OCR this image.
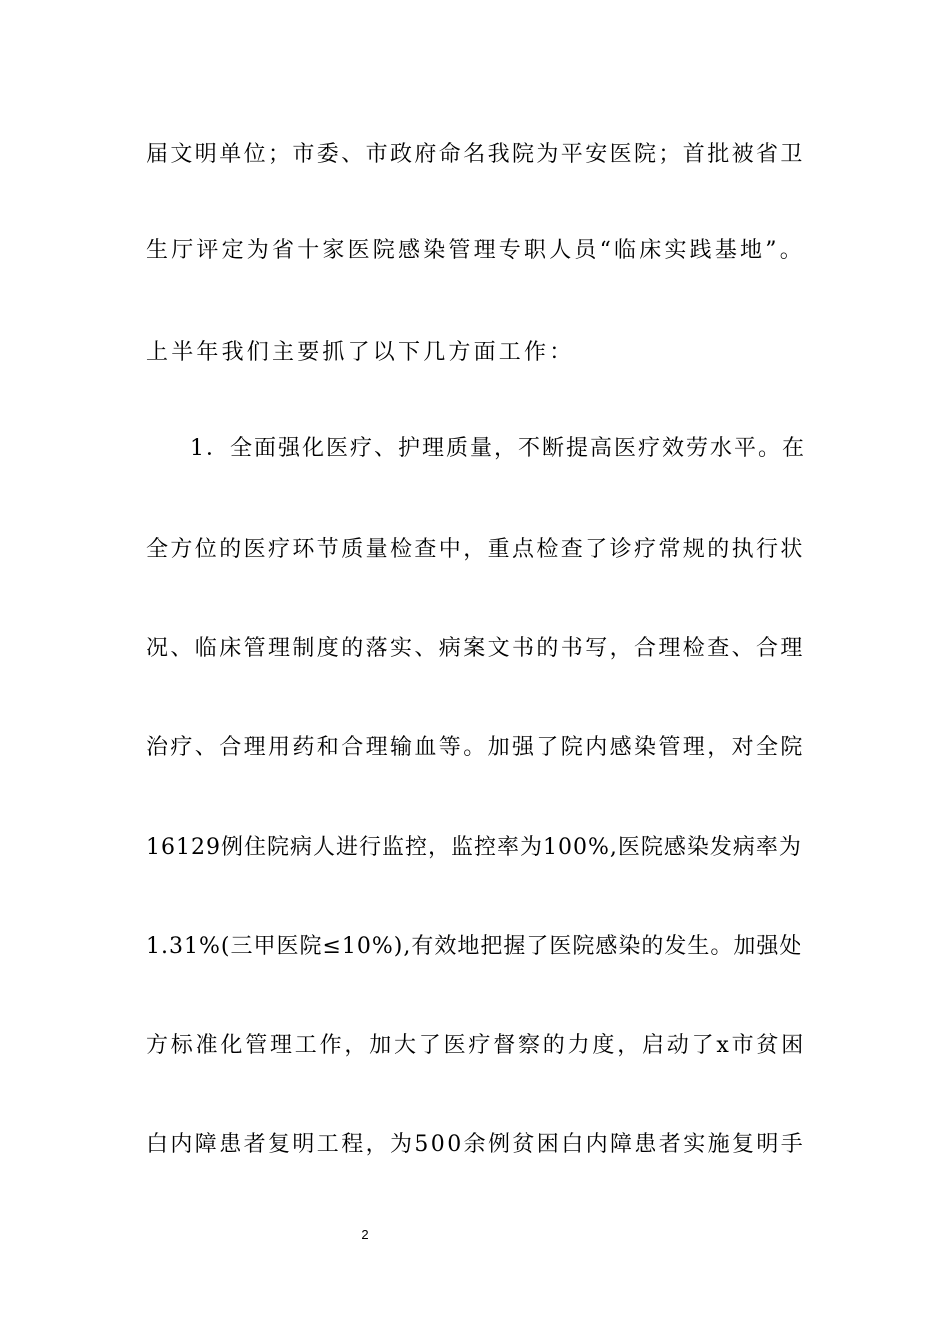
届文明单位；市委、市政府命名我院为平安医院；首批被省卫
生厅评定为省十家医院感染管理专职人员“临床实践基地”。
上半年我们主要抓了以下几方面工作：
1．全面强化医疗、护理质量，不断提高医疗效劳水平。在
全方位的医疗环节质量检查中，重点检查了诊疗常规的执行状
况、临床管理制度的落实、病案文书的书写，合理检查、合理
治疗、合理用药和合理输血等。加强了院内感染管理，对全院
16129例住院病人进行监控，监控率为100%,医院感染发病率为
1.31%(三甲医院≤10%),有效地把握了医院感染的发生。加强处
方标准化管理工作，加大了医疗督察的力度，启动了x市贫困
白内障患者复明工程，为500余例贫困白内障患者实施复明手
2
